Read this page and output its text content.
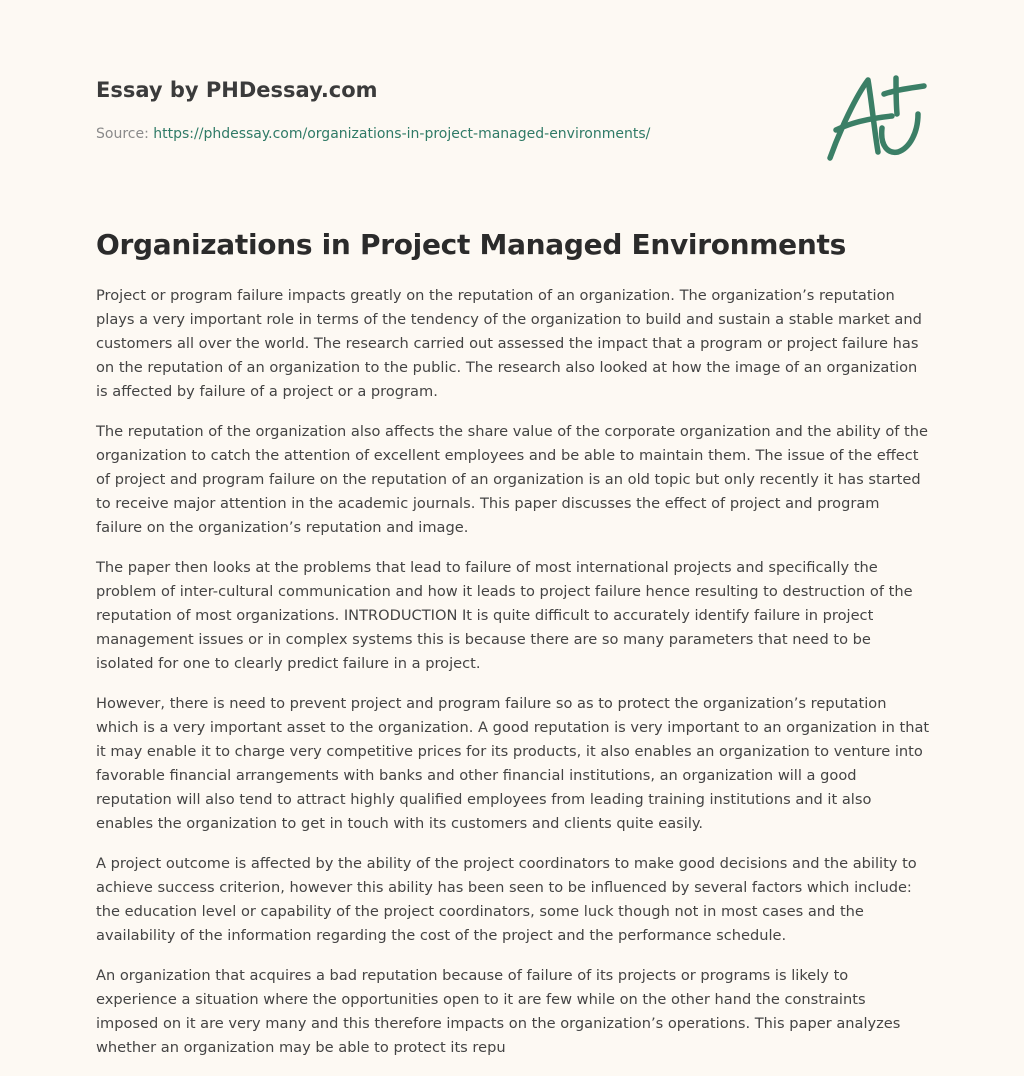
Essay by PHDessay.com
Source: https://phdessay.com/organizations-in-project-managed-environments/
Organizations in Project Managed Environments

Project or program failure impacts greatly on the reputation of an organization. The organization’s reputation plays a very important role in terms of the tendency of the organization to build and sustain a stable market and customers all over the world. The research carried out assessed the impact that a program or project failure has on the reputation of an organization to the public. The research also looked at how the image of an organization is affected by failure of a project or a program.

The reputation of the organization also affects the share value of the corporate organization and the ability of the organization to catch the attention of excellent employees and be able to maintain them. The issue of the effect of project and program failure on the reputation of an organization is an old topic but only recently it has started to receive major attention in the academic journals. This paper discusses the effect of project and program failure on the organization’s reputation and image.

The paper then looks at the problems that lead to failure of most international projects and specifically the problem of inter-cultural communication and how it leads to project failure hence resulting to destruction of the reputation of most organizations. INTRODUCTION It is quite difficult to accurately identify failure in project management issues or in complex systems this is because there are so many parameters that need to be isolated for one to clearly predict failure in a project.

However, there is need to prevent project and program failure so as to protect the organization’s reputation which is a very important asset to the organization. A good reputation is very important to an organization in that it may enable it to charge very competitive prices for its products, it also enables an organization to venture into favorable financial arrangements with banks and other financial institutions, an organization will a good reputation will also tend to attract highly qualified employees from leading training institutions and it also enables the organization to get in touch with its customers and clients quite easily.

A project outcome is affected by the ability of the project coordinators to make good decisions and the ability to achieve success criterion, however this ability has been seen to be influenced by several factors which include: the education level or capability of the project coordinators, some luck though not in most cases and the availability of the information regarding the cost of the project and the performance schedule.

An organization that acquires a bad reputation because of failure of its projects or programs is likely to experience a situation where the opportunities open to it are few while on the other hand the constraints imposed on it are very many and this therefore impacts on the organization’s operations. This paper analyzes whether an organization may be able to protect its repu
